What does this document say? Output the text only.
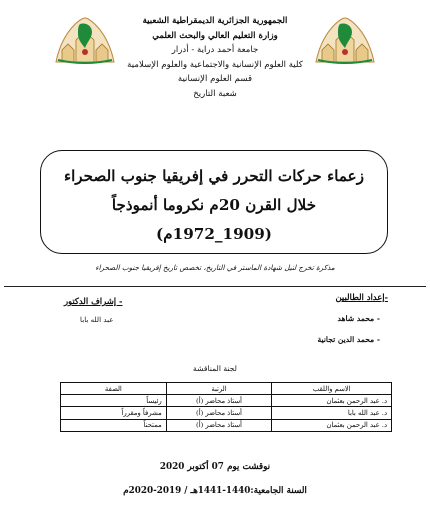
الجمهورية الجزائرية الديمقراطية الشعبية
وزارة التعليم العالي والبحث العلمي
جامعة أحمد دراية - أدرار
كلية العلوم الإنسانية والاجتماعية والعلوم الإسلامية
قسم العلوم الإنسانية
شعبة التاريخ
زعماء حركات التحرر في إفريقيا جنوب الصحراء
خلال القرن 20م نكروما أنموذجاً
(1909_1972م)
مذكرة تخرج لنيل شهادة الماستر في التاريخ، تخصص تاريخ إفريقيا جنوب الصحراء
-إعداد الطالبين
- محمد شاهد
- محمد الدين تجانية
- إشراف الدكتور
عبد الله بابا
لجنة المناقشة
الاسم واللقب	الرتبة	الصفة
د. عبد الرحمن بعثمان	أستاذ محاضر (أ)	رئيساً
د. عبد الله بابا	أستاذ محاضر (أ)	مشرفاً ومقرراً
د. عبد الرحمن بعثمان	أستاذ محاضر (أ)	ممتحناً
نوقشت يوم 07 أكتوبر 2020
السنة الجامعية:1440-1441هـ / 2019-2020م
